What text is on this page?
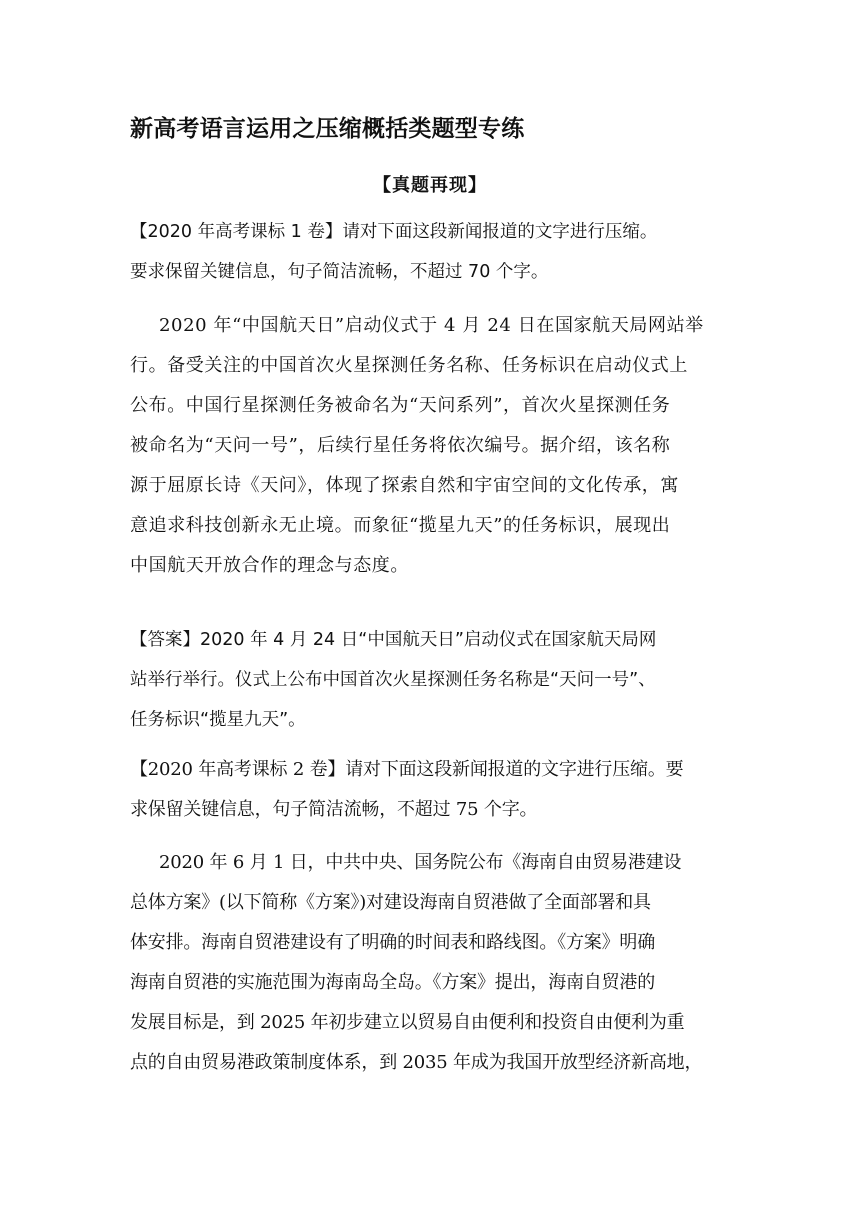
新高考语言运用之压缩概括类题型专练
【真题再现】
【2020 年高考课标 1 卷】请对下面这段新闻报道的文字进行压缩。
要求保留关键信息，句子简洁流畅，不超过 70 个字。
2020 年“中国航天日”启动仪式于 4 月 24 日在国家航天局网站举
行。备受关注的中国首次火星探测任务名称、任务标识在启动仪式上
公布。中国行星探测任务被命名为“天问系列”，首次火星探测任务
被命名为“天问一号”，后续行星任务将依次编号。据介绍，该名称
源于屈原长诗《天问》，体现了探索自然和宇宙空间的文化传承，寓
意追求科技创新永无止境。而象征“揽星九天”的任务标识，展现出
中国航天开放合作的理念与态度。
【答案】2020 年 4 月 24 日“中国航天日”启动仪式在国家航天局网
站举行举行。仪式上公布中国首次火星探测任务名称是“天问一号”、
任务标识“揽星九天”。
【2020 年高考课标 2 卷】请对下面这段新闻报道的文字进行压缩。要
求保留关键信息，句子简洁流畅，不超过 75 个字。
2020 年 6 月 1 日，中共中央、国务院公布《海南自由贸易港建设
总体方案》(以下简称《方案》)对建设海南自贸港做了全面部署和具
体安排。海南自贸港建设有了明确的时间表和路线图。《方案》明确
海南自贸港的实施范围为海南岛全岛。《方案》提出，海南自贸港的
发展目标是，到 2025 年初步建立以贸易自由便利和投资自由便利为重
点的自由贸易港政策制度体系，到 2035 年成为我国开放型经济新高地，
